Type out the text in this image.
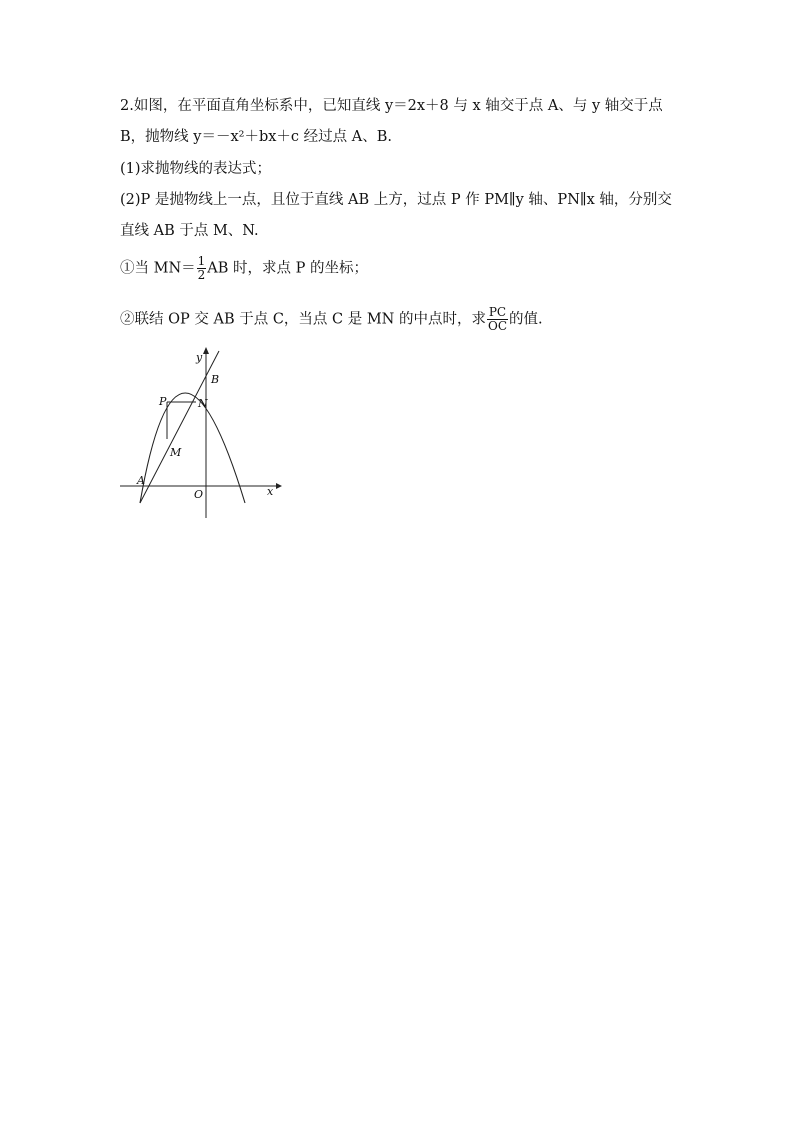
2.如图，在平面直角坐标系中，已知直线 y＝2x＋8 与 x 轴交于点 A、与 y 轴交于点
B，抛物线 y＝－x²＋bx＋c 经过点 A、B.
(1)求抛物线的表达式；
(2)P 是抛物线上一点，且位于直线 AB 上方，过点 P 作 PM∥y 轴、PN∥x 轴，分别交
直线 AB 于点 M、N.
①当 $MN= \frac{1}{2}$ AB 时，求点 P 的坐标；
②联结 OP 交 AB 于点 C，当点 C 是 MN 的中点时，求 $\frac{PC}{OC}$ 的值.
y
x
O
A
B
P	N
M
